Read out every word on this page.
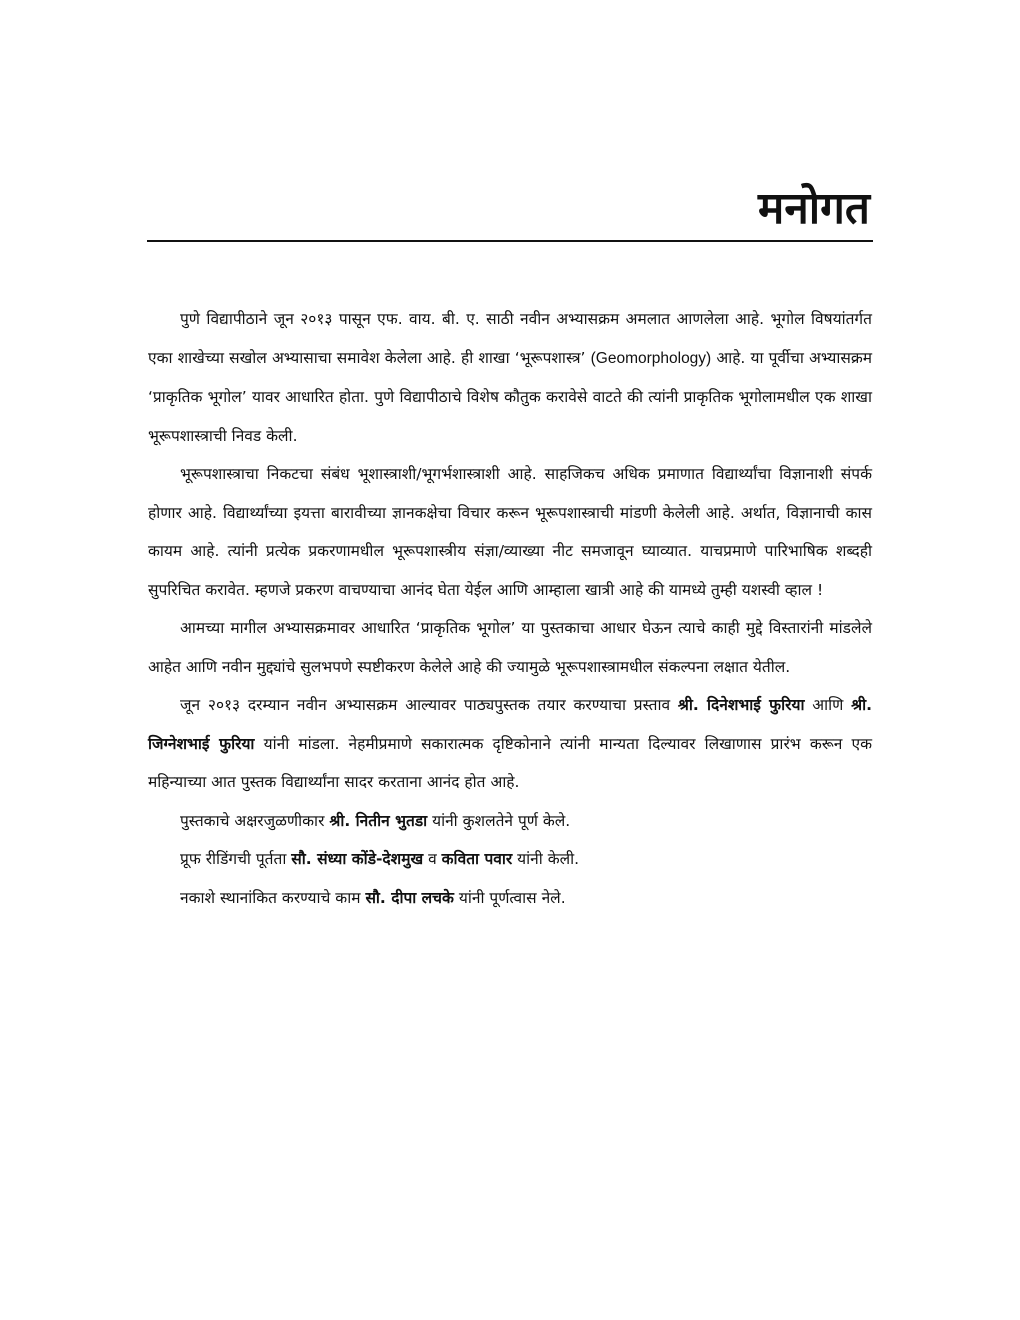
मनोगत

पुणे विद्यापीठाने जून २०१३ पासून एफ. वाय. बी. ए. साठी नवीन अभ्यासक्रम अमलात आणलेला आहे. भूगोल विषयांतर्गत एका शाखेच्या सखोल अभ्यासाचा समावेश केलेला आहे. ही शाखा ‘भूरूपशास्त्र’ (Geomorphology) आहे. या पूर्वीचा अभ्यासक्रम ‘प्राकृतिक भूगोल’ यावर आधारित होता. पुणे विद्यापीठाचे विशेष कौतुक करावेसे वाटते की त्यांनी प्राकृतिक भूगोलामधील एक शाखा भूरूपशास्त्राची निवड केली.

भूरूपशास्त्राचा निकटचा संबंध भूशास्त्राशी/भूगर्भशास्त्राशी आहे. साहजिकच अधिक प्रमाणात विद्यार्थ्यांचा विज्ञानाशी संपर्क होणार आहे. विद्यार्थ्यांच्या इयत्ता बारावीच्या ज्ञानकक्षेचा विचार करून भूरूपशास्त्राची मांडणी केलेली आहे. अर्थात, विज्ञानाची कास कायम आहे. त्यांनी प्रत्येक प्रकरणामधील भूरूपशास्त्रीय संज्ञा/व्याख्या नीट समजावून घ्याव्यात. याचप्रमाणे पारिभाषिक शब्दही सुपरिचित करावेत. म्हणजे प्रकरण वाचण्याचा आनंद घेता येईल आणि आम्हाला खात्री आहे की यामध्ये तुम्ही यशस्वी व्हाल !

आमच्या मागील अभ्यासक्रमावर आधारित ‘प्राकृतिक भूगोल’ या पुस्तकाचा आधार घेऊन त्याचे काही मुद्दे विस्तारांनी मांडलेले आहेत आणि नवीन मुद्द्यांचे सुलभपणे स्पष्टीकरण केलेले आहे की ज्यामुळे भूरूपशास्त्रामधील संकल्पना लक्षात येतील.

जून २०१३ दरम्यान नवीन अभ्यासक्रम आल्यावर पाठ्यपुस्तक तयार करण्याचा प्रस्ताव श्री. दिनेशभाई फुरिया आणि श्री. जिग्नेशभाई फुरिया यांनी मांडला. नेहमीप्रमाणे सकारात्मक दृष्टिकोनाने त्यांनी मान्यता दिल्यावर लिखाणास प्रारंभ करून एक महिन्याच्या आत पुस्तक विद्यार्थ्यांना सादर करताना आनंद होत आहे.

पुस्तकाचे अक्षरजुळणीकार श्री. नितीन भुतडा यांनी कुशलतेने पूर्ण केले.

प्रूफ रीडिंगची पूर्तता सौ. संध्या कोंडे-देशमुख व कविता पवार यांनी केली.

नकाशे स्थानांकित करण्याचे काम सौ. दीपा लचके यांनी पूर्णत्वास नेले.
